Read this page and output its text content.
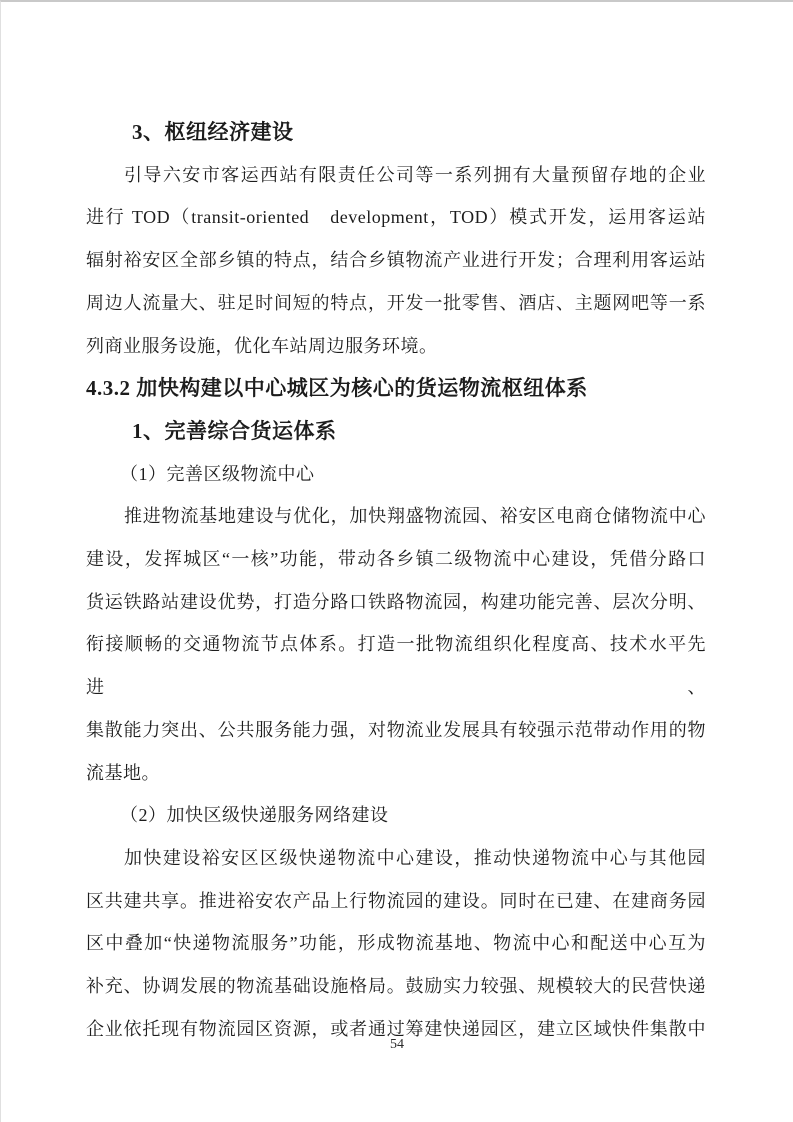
3、枢纽经济建设

引导六安市客运西站有限责任公司等一系列拥有大量预留存地的企业

进行 TOD（transit-oriented　development，TOD）模式开发，运用客运站

辐射裕安区全部乡镇的特点，结合乡镇物流产业进行开发；合理利用客运站

周边人流量大、驻足时间短的特点，开发一批零售、酒店、主题网吧等一系

列商业服务设施，优化车站周边服务环境。

4.3.2 加快构建以中心城区为核心的货运物流枢纽体系
1、完善综合货运体系

（1）完善区级物流中心

推进物流基地建设与优化，加快翔盛物流园、裕安区电商仓储物流中心

建设，发挥城区“一核”功能，带动各乡镇二级物流中心建设，凭借分路口

货运铁路站建设优势，打造分路口铁路物流园，构建功能完善、层次分明、

衔接顺畅的交通物流节点体系。打造一批物流组织化程度高、技术水平先进、

集散能力突出、公共服务能力强，对物流业发展具有较强示范带动作用的物

流基地。

（2）加快区级快递服务网络建设

加快建设裕安区区级快递物流中心建设，推动快递物流中心与其他园

区共建共享。推进裕安农产品上行物流园的建设。同时在已建、在建商务园

区中叠加“快递物流服务”功能，形成物流基地、物流中心和配送中心互为

补充、协调发展的物流基础设施格局。鼓励实力较强、规模较大的民营快递

企业依托现有物流园区资源，或者通过筹建快递园区，建立区域快件集散中

54
